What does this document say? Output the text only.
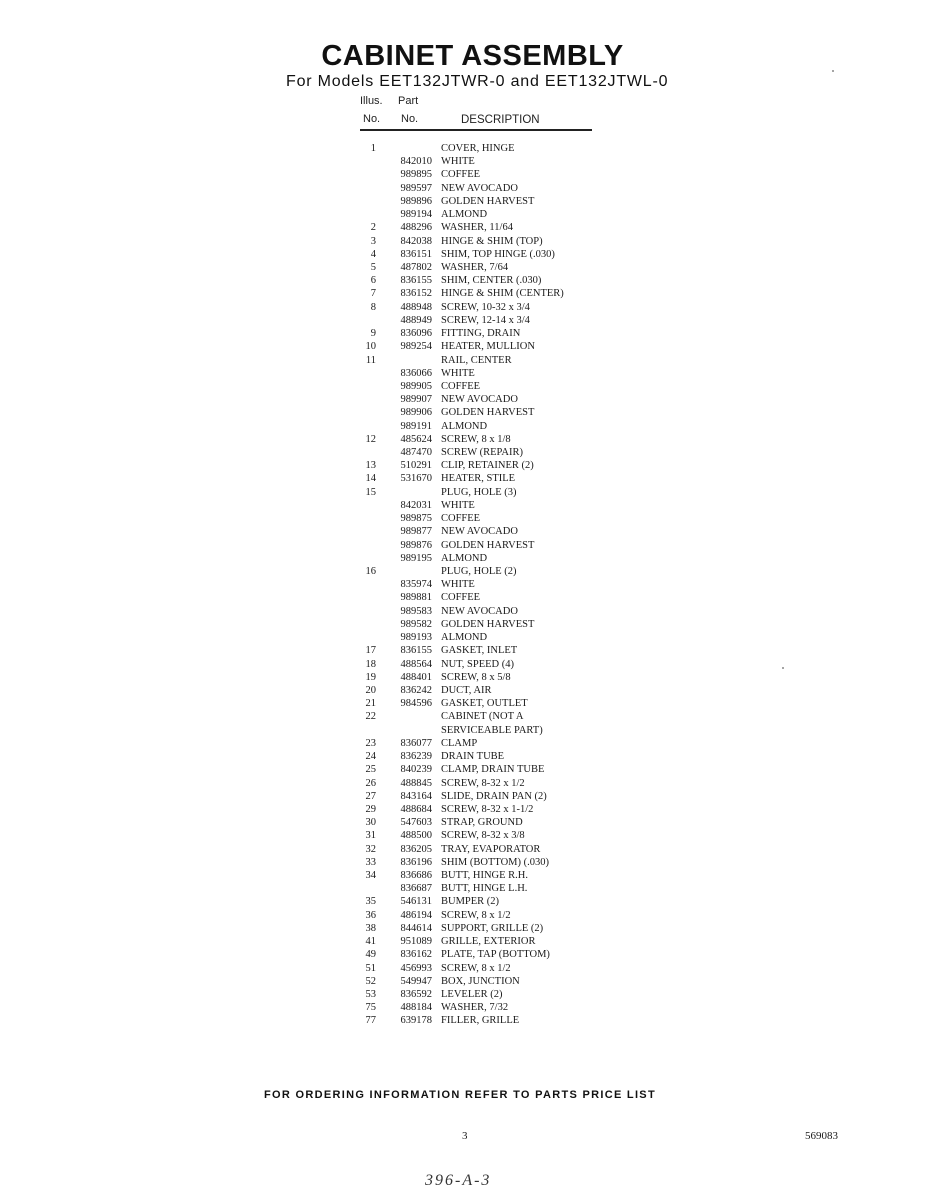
CABINET ASSEMBLY
For Models EET132JTWR-0 and EET132JTWL-0
Illus. Part
No. No.	DESCRIPTION
1	COVER, HINGE
842010 WHITE
989895 COFFEE
989597 NEW AVOCADO
989896 GOLDEN HARVEST
989194 ALMOND
2	488296 WASHER, 11/64
3	842038 HINGE & SHIM (TOP)
4	836151 SHIM, TOP HINGE (.030)
5	487802 WASHER, 7/64
6	836155 SHIM, CENTER (.030)
7	836152 HINGE & SHIM (CENTER)
8	488948 SCREW, 10-32 x 3/4
488949 SCREW, 12-14 x 3/4
9	836096 FITTING, DRAIN
10	989254 HEATER, MULLION
11	RAIL, CENTER
836066 WHITE
989905 COFFEE
989907 NEW AVOCADO
989906 GOLDEN HARVEST
989191 ALMOND
12	485624 SCREW, 8 x 1/8
487470 SCREW (REPAIR)
13	510291 CLIP, RETAINER (2)
14	531670 HEATER, STILE
15	PLUG, HOLE (3)
842031 WHITE
989875 COFFEE
989877 NEW AVOCADO
989876 GOLDEN HARVEST
989195 ALMOND
16	PLUG, HOLE (2)
835974 WHITE
989881 COFFEE
989583 NEW AVOCADO
989582 GOLDEN HARVEST
989193 ALMOND
17	836155 GASKET, INLET
18	488564 NUT, SPEED (4)
19	488401 SCREW, 8 x 5/8
20	836242 DUCT, AIR
21	984596 GASKET, OUTLET
22	CABINET (NOT A
SERVICEABLE PART)
23	836077 CLAMP
24	836239 DRAIN TUBE
25	840239 CLAMP, DRAIN TUBE
26	488845 SCREW, 8-32 x 1/2
27	843164 SLIDE, DRAIN PAN (2)
29	488684 SCREW, 8-32 x 1-1/2
30	547603 STRAP, GROUND
31	488500 SCREW, 8-32 x 3/8
32	836205 TRAY, EVAPORATOR
33	836196 SHIM (BOTTOM) (.030)
34	836686 BUTT, HINGE R.H.
836687 BUTT, HINGE L.H.
35	546131 BUMPER (2)
36	486194 SCREW, 8 x 1/2
38	844614 SUPPORT, GRILLE (2)
41	951089 GRILLE, EXTERIOR
49	836162 PLATE, TAP (BOTTOM)
51	456993 SCREW, 8 x 1/2
52	549947 BOX, JUNCTION
53	836592 LEVELER (2)
75	488184 WASHER, 7/32
77	639178 FILLER, GRILLE
FOR ORDERING INFORMATION REFER TO PARTS PRICE LIST
3	569083
396-A-3
